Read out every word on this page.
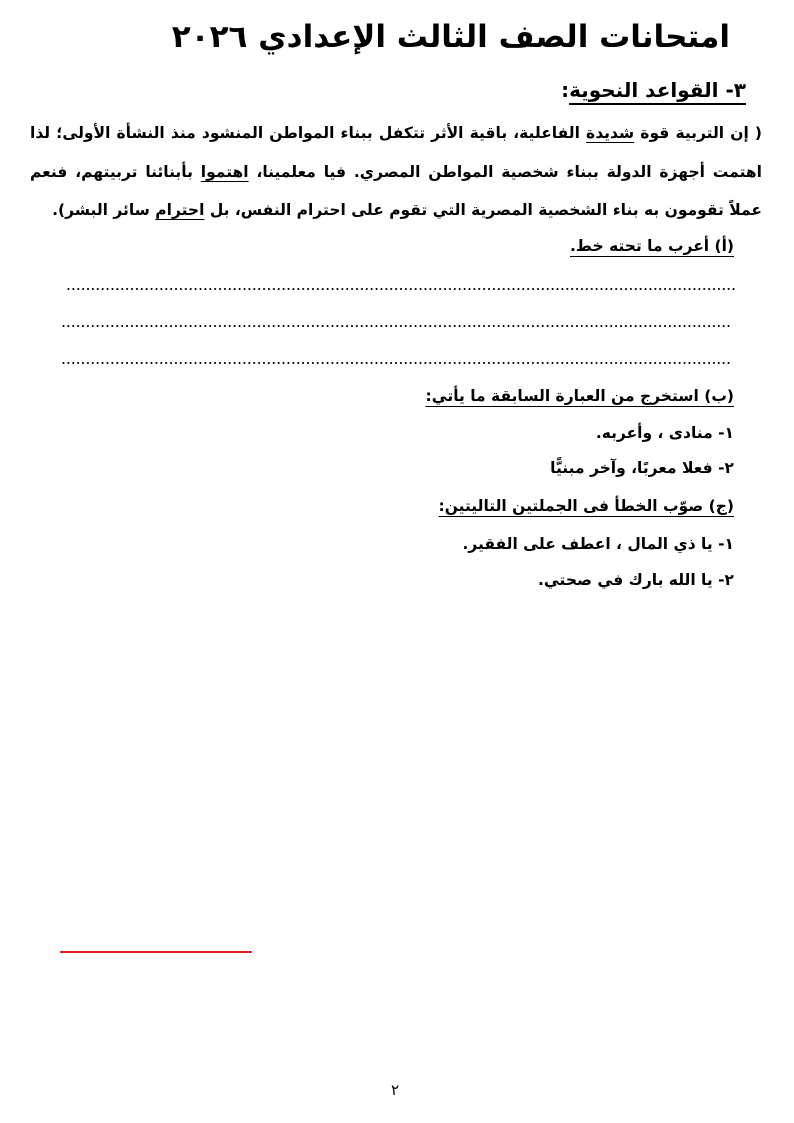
امتحانات الصف الثالث الإعدادي ٢٠٢٦
٣- القواعد النحوية:
( إن التربية قوة شديدة الفاعلية، باقية الأثر تتكفل ببناء المواطن المنشود منذ النشأة الأولى؛ لذا اهتمت أجهزة الدولة ببناء شخصية المواطن المصري. فيا معلمينا، اهتموا بأبنائنا تربيتهم، فنعم عملاً تقومون به بناء الشخصية المصرية التي تقوم على احترام النفس، بل احترام سائر البشر).
(أ) أعرب ما تحته خط.
(ب) استخرج من العبارة السابقة ما يأتي:
١- منادى ، وأعربه.
٢- فعلا معربًا، وآخر مبنيًّا
(ج) صوّب الخطأ فى الجملتين التاليتين:
١- يا ذي المال ، اعطف على الفقير.
٢- يا الله بارك في صحتي.
٢
